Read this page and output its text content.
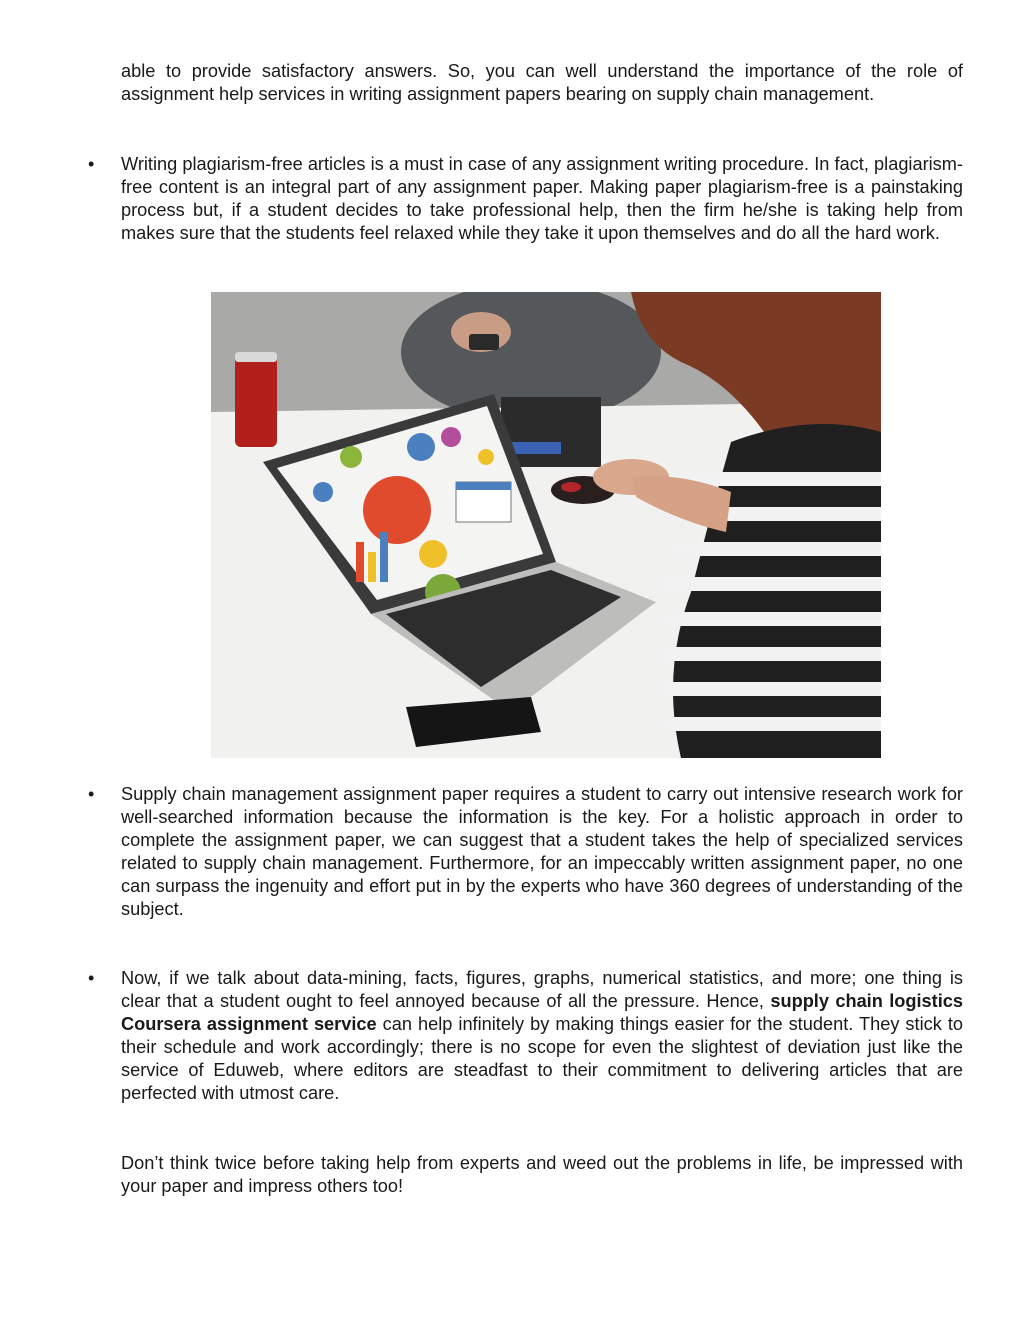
able to provide satisfactory answers. So, you can well understand the importance of the role of assignment help services in writing assignment papers bearing on supply chain management.

• Writing plagiarism-free articles is a must in case of any assignment writing procedure. In fact, plagiarism-free content is an integral part of any assignment paper. Making paper plagiarism-free is a painstaking process but, if a student decides to take professional help, then the firm he/she is taking help from makes sure that the students feel relaxed while they take it upon themselves and do all the hard work.

• Supply chain management assignment paper requires a student to carry out intensive research work for well-searched information because the information is the key. For a holistic approach in order to complete the assignment paper, we can suggest that a student takes the help of specialized services related to supply chain management. Furthermore, for an impeccably written assignment paper, no one can surpass the ingenuity and effort put in by the experts who have 360 degrees of understanding of the subject.

• Now, if we talk about data-mining, facts, figures, graphs, numerical statistics, and more; one thing is clear that a student ought to feel annoyed because of all the pressure. Hence, supply chain logistics Coursera assignment service can help infinitely by making things easier for the student. They stick to their schedule and work accordingly; there is no scope for even the slightest of deviation just like the service of Eduweb, where editors are steadfast to their commitment to delivering articles that are perfected with utmost care.

Don’t think twice before taking help from experts and weed out the problems in life, be impressed with your paper and impress others too!
